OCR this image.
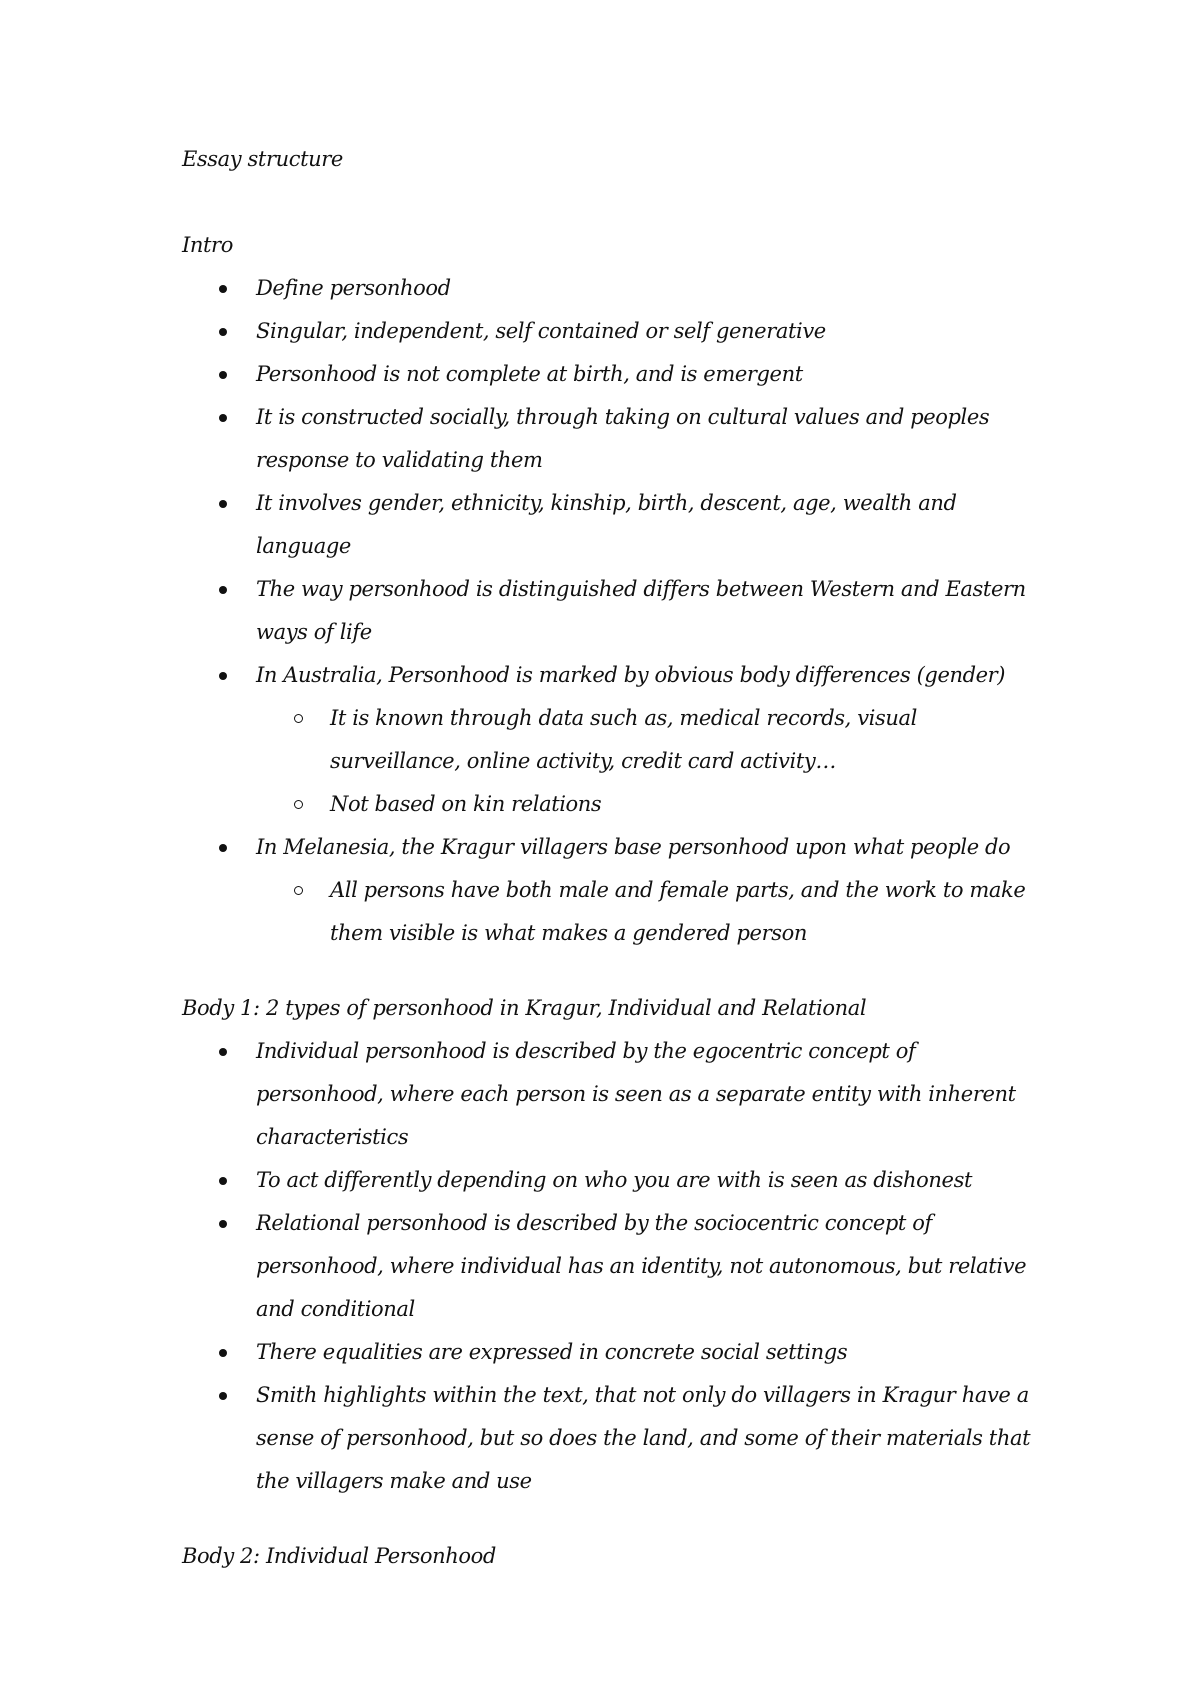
Essay structure
Intro
Define personhood
Singular, independent, self contained or self generative
Personhood is not complete at birth, and is emergent
It is constructed socially, through taking on cultural values and peoples response to validating them
It involves gender, ethnicity, kinship, birth, descent, age, wealth and language
The way personhood is distinguished differs between Western and Eastern ways of life
In Australia, Personhood is marked by obvious body differences (gender)
It is known through data such as, medical records, visual surveillance, online activity, credit card activity…
Not based on kin relations
In Melanesia, the Kragur villagers base personhood upon what people do
All persons have both male and female parts, and the work to make them visible is what makes a gendered person
Body 1: 2 types of personhood in Kragur, Individual and Relational
Individual personhood is described by the egocentric concept of personhood, where each person is seen as a separate entity with inherent characteristics
To act differently depending on who you are with is seen as dishonest
Relational personhood is described by the sociocentric concept of personhood, where individual has an identity, not autonomous, but relative and conditional
There equalities are expressed in concrete social settings
Smith highlights within the text, that not only do villagers in Kragur have a sense of personhood, but so does the land, and some of their materials that the villagers make and use
Body 2: Individual Personhood
